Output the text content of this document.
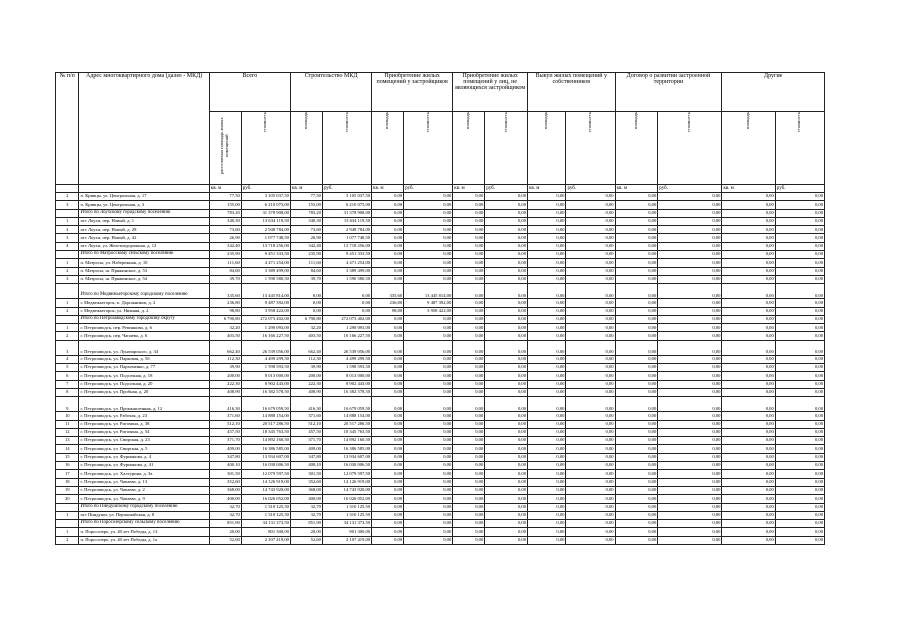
№ п/п	Адрес многоквартирного дома (далее - МКД)	Всего		Строительство МКД		Приобретение жилых помещений у застройщиков		Приобретение жилых помещений у лиц, не являющихся застройщиком		Выкуп жилых помещений у собственников		Договор о развитии застроенной территории		Другие	
		расселяемая площадь жилых помещений	стоимость	площадь	стоимость	площадь	стоимость	площадь	стоимость	площадь	стоимость	площадь	стоимость	площадь	стоимость
		кв. м	руб.	кв. м	руб.	кв. м	руб.	кв. м	руб.	кв. м	руб.	кв. м	руб.	кв. м	руб.
2	п. Кривцы, ул. Центральная, д. 17	77,50	3 105 037,50	77,50	3 105 037,50	0,00	0,00	0,00	0,00	0,00	0,00	0,00	0,00	0,00	0,00
3	п. Кривцы, ул. Центральная, д. 3	155,00	6 210 075,00	155,00	6 210 075,00	0,00	0,00	0,00	0,00	0,00	0,00	0,00	0,00	0,00	0,00
	Итого по Лоухскому городскому поселению	783,20	31 378 908,00	783,20	31 378 908,00	0,00	0,00	0,00	0,00	0,00	0,00	0,00	0,00	0,00	0,00
1	пгт Лоухи, пер. Новый, д. 1	340,30	13 634 119,50	340,30	13 634 119,50	0,00	0,00	0,00	0,00	0,00	0,00	0,00	0,00	0,00	0,00
2	пгт Лоухи, пер. Новый, д. 28	73,60	2 948 784,00	73,60	2 948 784,00	0,00	0,00	0,00	0,00	0,00	0,00	0,00	0,00	0,00	0,00
3	пгт Лоухи, пер. Новый, д. 42	26,90	1 077 748,50	26,90	1 077 748,50	0,00	0,00	0,00	0,00	0,00	0,00	0,00	0,00	0,00	0,00
4	пгт Лоухи, ул. Железнодорожная, д. 12	342,40	13 718 256,00	342,40	13 718 256,00	0,00	0,00	0,00	0,00	0,00	0,00	0,00	0,00	0,00	0,00
	Итого по Матросскому сельскому поселению	235,90	9 451 333,50	235,90	9 451 333,50	0,00	0,00	0,00	0,00	0,00	0,00	0,00	0,00	0,00	0,00
1	п. Матросы, ул. Набережная, д. 10	111,60	4 471 254,00	111,60	4 471 254,00	0,00	0,00	0,00	0,00	0,00	0,00	0,00	0,00	0,00	0,00
2	п. Матросы, ш. Пряжинское, д. 53	84,60	3 389 499,00	84,60	3 389 499,00	0,00	0,00	0,00	0,00	0,00	0,00	0,00	0,00	0,00	0,00
3	п. Матросы, ш. Пряжинское, д. 54	39,70	1 590 580,50	39,70	1 590 580,50	0,00	0,00	0,00	0,00	0,00	0,00	0,00	0,00	0,00	0,00
	Итого по Медвежьегорскому городскому поселению	335,60	13 445 814,00	0,00	0,00	335,60	13 445 814,00	0,00	0,00	0,00	0,00	0,00	0,00	0,00	0,00
1	г. Медвежьегорск, п. Дорожников, д. 2	236,80	9 487 392,00	0,00	0,00	236,80	9 487 392,00	0,00	0,00	0,00	0,00	0,00	0,00	0,00	0,00
2	г. Медвежьегорск, ул. Нижняя, д. 2	98,80	3 958 422,00	0,00	0,00	98,80	3 958 422,00	0,00	0,00	0,00	0,00	0,00	0,00	0,00	0,00
	Итого по Петрозаводскому городскому округу	6 790,80	272 073 402,00	6 790,80	272 073 402,00	0,00	0,00	0,00	0,00	0,00	0,00	0,00	0,00	0,00	0,00
1	г. Петрозаводск, пер. Репинкова, д. 6	32,20	1 290 093,00	32,20	1 290 093,00	0,00	0,00	0,00	0,00	0,00	0,00	0,00	0,00	0,00	0,00
2	г. Петрозаводск, пер. Чапаева, д. 6	403,50	16 166 227,50	403,50	16 166 227,50	0,00	0,00	0,00	0,00	0,00	0,00	0,00	0,00	0,00	0,00
3	г. Петрозаводск, ул. Луначарского, д. 34	662,40	26 539 056,00	662,40	26 539 056,00	0,00	0,00	0,00	0,00	0,00	0,00	0,00	0,00	0,00	0,00
4	г. Петрозаводск, ул. Парковая, д. 56	112,30	4 499 299,50	112,30	4 499 299,50	0,00	0,00	0,00	0,00	0,00	0,00	0,00	0,00	0,00	0,00
5	г. Петрозаводск, ул. Пархоменко, д. 77	39,90	1 598 593,50	39,90	1 598 593,50	0,00	0,00	0,00	0,00	0,00	0,00	0,00	0,00	0,00	0,00
6	г. Петрозаводск, ул. Подсочная, д. 18	200,00	8 013 000,00	200,00	8 013 000,00	0,00	0,00	0,00	0,00	0,00	0,00	0,00	0,00	0,00	0,00
7	г. Петрозаводск, ул. Подсочная, д. 20	222,30	8 902 443,00	222,30	8 902 443,00	0,00	0,00	0,00	0,00	0,00	0,00	0,00	0,00	0,00	0,00
8	г. Петрозаводск, ул. Пробная, д. 20	408,90	16 382 578,50	408,90	16 382 578,50	0,00	0,00	0,00	0,00	0,00	0,00	0,00	0,00	0,00	0,00
9	г. Петрозаводск, ул. Промышленная, д. 12	416,30	16 679 059,50	416,30	16 679 059,50	0,00	0,00	0,00	0,00	0,00	0,00	0,00	0,00	0,00	0,00
10	г. Петрозаводск, ул. Рабочая, д. 23	371,60	14 888 154,00	371,60	14 888 154,00	0,00	0,00	0,00	0,00	0,00	0,00	0,00	0,00	0,00	0,00
11	г. Петрозаводск, ул. Ригачина, д. 38	512,10	20 517 286,50	512,10	20 517 286,50	0,00	0,00	0,00	0,00	0,00	0,00	0,00	0,00	0,00	0,00
12	г. Петрозаводск, ул. Ригачина, д. 54	457,50	18 345 763,50	457,50	18 345 763,50	0,00	0,00	0,00	0,00	0,00	0,00	0,00	0,00	0,00	0,00
13	г. Петрозаводск, ул. Свирская, д. 23	371,70	14 892 160,50	371,70	14 892 160,50	0,00	0,00	0,00	0,00	0,00	0,00	0,00	0,00	0,00	0,00
14	г. Петрозаводск, ул. Свирская, д. 5	409,00	16 386 585,00	409,00	16 386 585,00	0,00	0,00	0,00	0,00	0,00	0,00	0,00	0,00	0,00	0,00
15	г. Петрозаводск, ул. Фурманова, д. 4	347,80	13 934 607,00	347,80	13 934 607,00	0,00	0,00	0,00	0,00	0,00	0,00	0,00	0,00	0,00	0,00
16	г. Петрозаводск, ул. Фурманова, д. 41	400,10	16 030 006,50	400,10	16 030 006,50	0,00	0,00	0,00	0,00	0,00	0,00	0,00	0,00	0,00	0,00
17	г. Петрозаводск, ул. Халтурина, д. 3а	301,50	12 079 597,50	301,50	12 079 597,50	0,00	0,00	0,00	0,00	0,00	0,00	0,00	0,00	0,00	0,00
18	г. Петрозаводск, ул. Чапаева, д. 13	352,60	14 126 919,00	352,60	14 126 919,00	0,00	0,00	0,00	0,00	0,00	0,00	0,00	0,00	0,00	0,00
19	г. Петрозаводск, ул. Чапаева, д. 2	368,00	14 743 920,00	368,00	14 743 920,00	0,00	0,00	0,00	0,00	0,00	0,00	0,00	0,00	0,00	0,00
20	г. Петрозаводск, ул. Чапаева, д. 9	400,00	16 026 052,00	400,00	16 026 052,00	0,00	0,00	0,00	0,00	0,00	0,00	0,00	0,00	0,00	0,00
	Итого по Пиндушскому городскому поселению	32,70	1 310 125,50	32,70	1 310 125,50	0,00	0,00	0,00	0,00	0,00	0,00	0,00	0,00	0,00	0,00
1	пгт Пиндуши, ул. Першомайская, д. 8	32,70	1 310 125,50	32,70	1 310 125,50	0,00	0,00	0,00	0,00	0,00	0,00	0,00	0,00	0,00	0,00
	Итого по Поросозерскому сельскому поселению	851,90	34 131 373,50	851,90	34 131 373,50	0,00	0,00	0,00	0,00	0,00	0,00	0,00	0,00	0,00	0,00
1	п. Поросозеро, ул. 40 лет Победы, д. 13	20,00	801 300,00	20,00	801 300,00	0,00	0,00	0,00	0,00	0,00	0,00	0,00	0,00	0,00	0,00
2	п. Поросозеро, ул. 40 лет Победы, д. 1а	52,60	2 107 419,00	52,60	2 107 419,00	0,00	0,00	0,00	0,00	0,00	0,00	0,00	0,00	0,00	0,00
